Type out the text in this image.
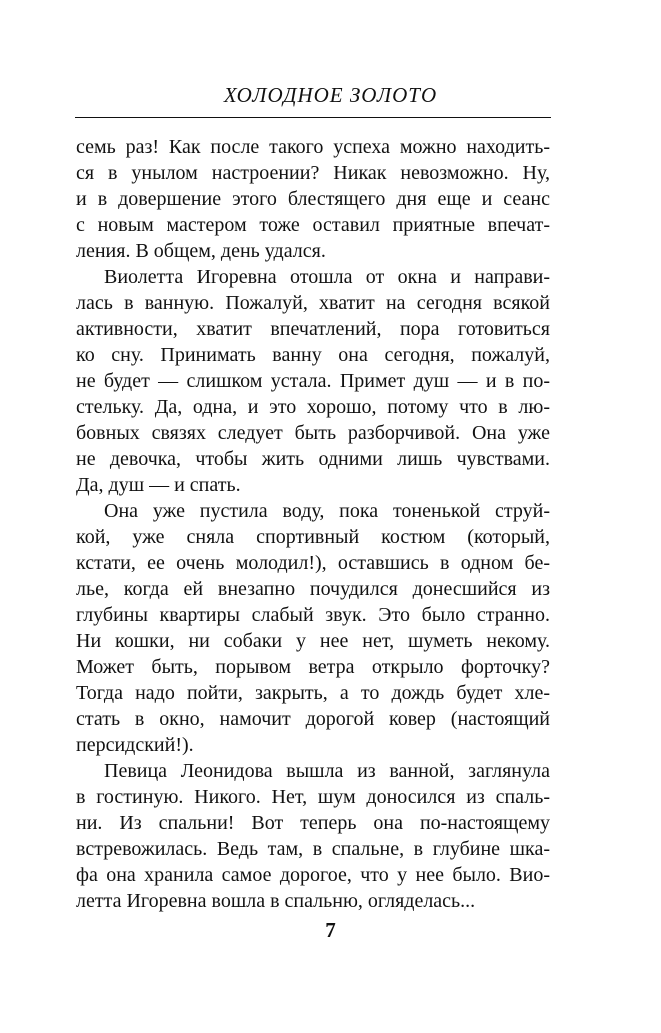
ХОЛОДНОЕ ЗОЛОТО
семь раз! Как после такого успеха можно находить-
ся в унылом настроении? Никак невозможно. Ну,
и в довершение этого блестящего дня еще и сеанс
с новым мастером тоже оставил приятные впечат-
ления. В общем, день удался.
Виолетта Игоревна отошла от окна и направи-
лась в ванную. Пожалуй, хватит на сегодня всякой
активности, хватит впечатлений, пора готовиться
ко сну. Принимать ванну она сегодня, пожалуй,
не будет — слишком устала. Примет душ — и в по-
стельку. Да, одна, и это хорошо, потому что в лю-
бовных связях следует быть разборчивой. Она уже
не девочка, чтобы жить одними лишь чувствами.
Да, душ — и спать.
Она уже пустила воду, пока тоненькой струй-
кой, уже сняла спортивный костюм (который,
кстати, ее очень молодил!), оставшись в одном бе-
лье, когда ей внезапно почудился донесшийся из
глубины квартиры слабый звук. Это было странно.
Ни кошки, ни собаки у нее нет, шуметь некому.
Может быть, порывом ветра открыло форточку?
Тогда надо пойти, закрыть, а то дождь будет хле-
стать в окно, намочит дорогой ковер (настоящий
персидский!).
Певица Леонидова вышла из ванной, заглянула
в гостиную. Никого. Нет, шум доносился из спаль-
ни. Из спальни! Вот теперь она по-настоящему
встревожилась. Ведь там, в спальне, в глубине шка-
фа она хранила самое дорогое, что у нее было. Вио-
летта Игоревна вошла в спальню, огляделась...
7
